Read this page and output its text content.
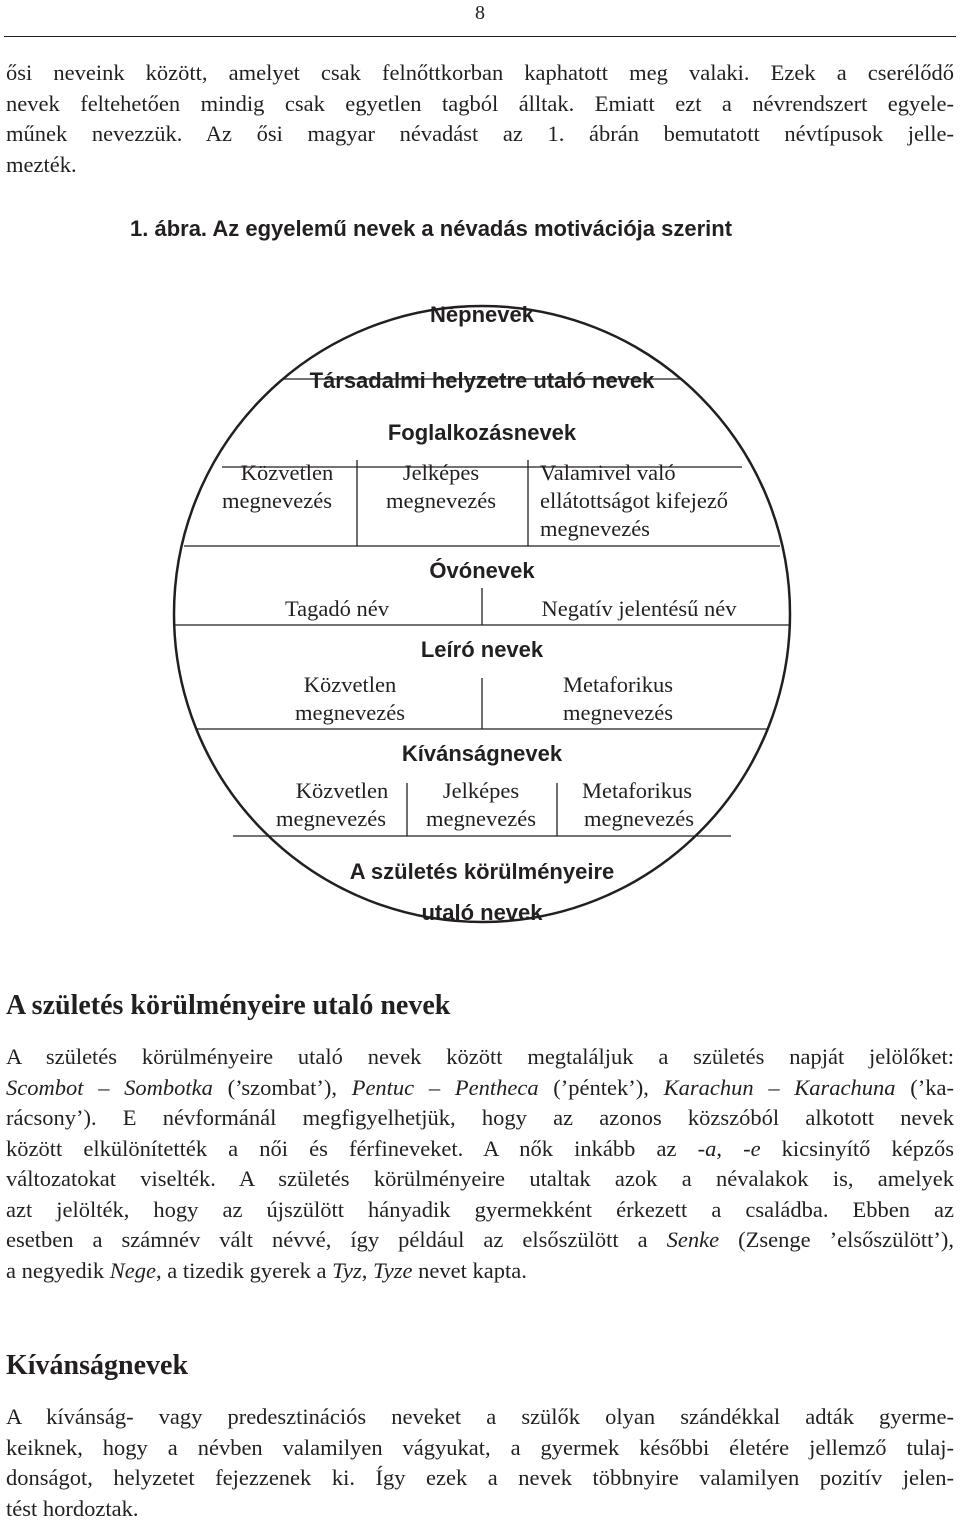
8
ősi neveink között, amelyet csak felnőttkorban kaphatott meg valaki. Ezek a cserélődő
nevek feltehetően mindig csak egyetlen tagból álltak. Emiatt ezt a névrendszert egyele-
műnek nevezzük. Az ősi magyar névadást az 1. ábrán bemutatott névtípusok jelle-
mezték.
1. ábra. Az egyelemű nevek a névadás motivációja szerint
Népnevek
Társadalmi helyzetre utaló nevek
Foglalkozásnevek
Közvetlen
megnevezés
Jelképes
megnevezés
Valamivel való
ellátottságot kifejező
megnevezés
Óvónevek
Tagadó név	Negatív jelentésű név
Leíró nevek
Közvetlen
megnevezés
Metaforikus
megnevezés
Kívánságnevek
Közvetlen
megnevezés
Jelképes
megnevezés
Metaforikus
megnevezés
A születés körülményeire
utaló nevek
A születés körülményeire utaló nevek
A születés körülményeire utaló nevek között megtaláljuk a születés napját jelölőket:
Scombot – Sombotka (’szombat’), Pentuc – Pentheca (’péntek’), Karachun – Karachuna (’ka-
rácsony’). E névformánál megfigyelhetjük, hogy az azonos közszóból alkotott nevek
között elkülönítették a női és férfineveket. A nők inkább az -a, -e kicsinyítő képzős
változatokat viselték. A születés körülményeire utaltak azok a névalakok is, amelyek
azt jelölték, hogy az újszülött hányadik gyermekként érkezett a családba. Ebben az
esetben a számnév vált névvé, így például az elsőszülött a Senke (Zsenge ’elsőszülött’),
a negyedik Nege, a tizedik gyerek a Tyz, Tyze nevet kapta.
Kívánságnevek
A kívánság- vagy predesztinációs neveket a szülők olyan szándékkal adták gyerme-
keiknek, hogy a névben valamilyen vágyukat, a gyermek későbbi életére jellemző tulaj-
donságot, helyzetet fejezzenek ki. Így ezek a nevek többnyire valamilyen pozitív jelen-
tést hordoztak.
